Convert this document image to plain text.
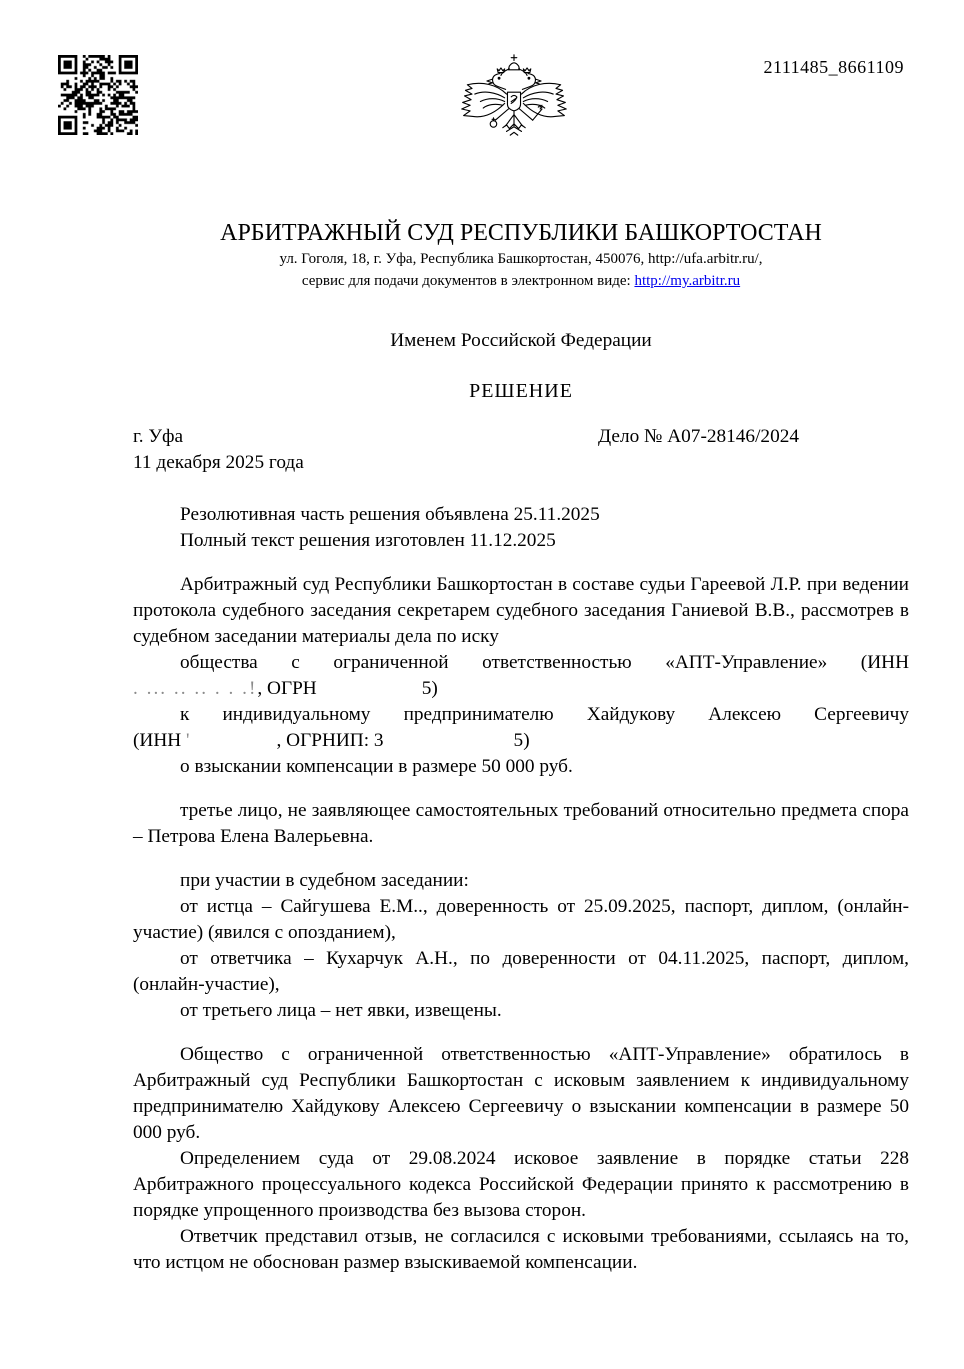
2111485_8661109
АРБИТРАЖНЫЙ СУД РЕСПУБЛИКИ БАШКОРТОСТАН
ул. Гоголя, 18, г. Уфа, Республика Башкортостан, 450076, http://ufa.arbitr.ru/,
сервис для подачи документов в электронном виде: http://my.arbitr.ru
Именем Российской Федерации
РЕШЕНИЕ
г. Уфа	Дело № А07-28146/2024
11 декабря 2025 года

Резолютивная часть решения объявлена 25.11.2025

Полный текст решения изготовлен 11.12.2025

Арбитражный суд Республики Башкортостан в составе судьи Гареевой Л.Р. при ведении протокола судебного заседания секретарем судебного заседания Ганиевой В.В., рассмотрев в судебном заседании материалы дела по иску

общества с ограниченной ответственностью «АПТ-Управление» (ИНН

. ... .. .. . . .!, ОГРН	5)

к индивидуальному предпринимателю Хайдукову Алексею Сергеевичу

(ИНН '	, ОГРНИП: 3	5)

о взыскании компенсации в размере 50 000 руб.

третье лицо, не заявляющее самостоятельных требований относительно предмета спора – Петрова Елена Валерьевна.

при участии в судебном заседании:

от истца – Сайгушева Е.М.., доверенность от 25.09.2025, паспорт, диплом, (онлайн-участие) (явился с опозданием),

от ответчика – Кухарчук А.Н., по доверенности от 04.11.2025, паспорт, диплом, (онлайн-участие),

от третьего лица – нет явки, извещены.

Общество с ограниченной ответственностью «АПТ-Управление» обратилось в Арбитражный суд Республики Башкортостан с исковым заявлением к индивидуальному предпринимателю Хайдукову Алексею Сергеевичу о взыскании компенсации в размере 50 000 руб.

Определением суда от 29.08.2024 исковое заявление в порядке статьи 228 Арбитражного процессуального кодекса Российской Федерации принято к рассмотрению в порядке упрощенного производства без вызова сторон.

Ответчик представил отзыв, не согласился с исковыми требованиями, ссылаясь на то, что истцом не обоснован размер взыскиваемой компенсации.
